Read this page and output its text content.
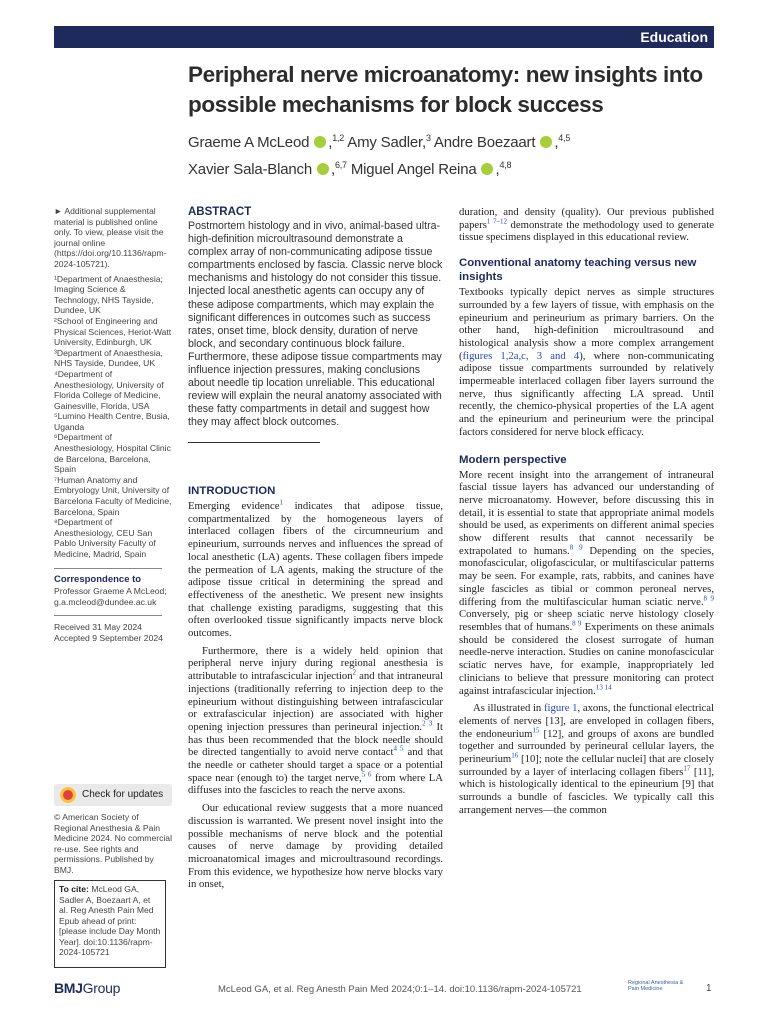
Education
Peripheral nerve microanatomy: new insights into possible mechanisms for block success
Graeme A McLeod ,$^{1,2}$ Amy Sadler,$^3$ Andre Boezaart ,$^{4,5}$
Xavier Sala-Blanch ,$^{6,7}$ Miguel Angel Reina ,$^{4,8}$

► Additional supplemental material is published online only. To view, please visit the journal online (https://doi.org/10.1136/rapm-2024-105721).

¹Department of Anaesthesia; Imaging Science & Technology, NHS Tayside, Dundee, UK

²School of Engineering and Physical Sciences, Heriot-Watt University, Edinburgh, UK

³Department of Anaesthesia, NHS Tayside, Dundee, UK

⁴Department of Anesthesiology, University of Florida College of Medicine, Gainesville, Florida, USA

⁵Lumino Health Centre, Busia, Uganda

⁶Department of Anesthesiology, Hospital Clinic de Barcelona, Barcelona, Spain

⁷Human Anatomy and Embryology Unit, University of Barcelona Faculty of Medicine, Barcelona, Spain

⁸Department of Anesthesiology, CEU San Pablo University Faculty of Medicine, Madrid, Spain

Correspondence to

Professor Graeme A McLeod;

g.a.mcleod@dundee.ac.uk

Received 31 May 2024

Accepted 9 September 2024

Check for updates

© American Society of Regional Anesthesia & Pain Medicine 2024. No commercial re-use. See rights and permissions. Published by BMJ.

To cite: McLeod GA, Sadler A, Boezaart A, et al. Reg Anesth Pain Med Epub ahead of print: [please include Day Month Year]. doi:10.1136/rapm-2024-105721
ABSTRACT

Postmortem histology and in vivo, animal-based ultra-high-definition microultrasound demonstrate a complex array of non-communicating adipose tissue compartments enclosed by fascia. Classic nerve block mechanisms and histology do not consider this tissue. Injected local anesthetic agents can occupy any of these adipose compartments, which may explain the significant differences in outcomes such as success rates, onset time, block density, duration of nerve block, and secondary continuous block failure. Furthermore, these adipose tissue compartments may influence injection pressures, making conclusions about needle tip location unreliable. This educational review will explain the neural anatomy associated with these fatty compartments in detail and suggest how they may affect block outcomes.

INTRODUCTION

Emerging evidence$^1$ indicates that adipose tissue, compartmentalized by the homogeneous layers of interlaced collagen fibers of the circumneurium and epineurium, surrounds nerves and influences the spread of local anesthetic (LA) agents. These collagen fibers impede the permeation of LA agents, making the structure of the adipose tissue critical in determining the spread and effectiveness of the anesthetic. We present new insights that challenge existing paradigms, suggesting that this often overlooked tissue significantly impacts nerve block outcomes.

Furthermore, there is a widely held opinion that peripheral nerve injury during regional anesthesia is attributable to intrafascicular injection$^2$ and that intraneural injections (traditionally referring to injection deep to the epineurium without distinguishing between intrafascicular or extrafascicular injection) are associated with higher opening injection pressures than perineural injection.$^{2 3}$ It has thus been recommended that the block needle should be directed tangentially to avoid nerve contact$^{4 5}$ and that the needle or catheter should target a space or a potential space near (enough to) the target nerve,$^{5 6}$ from where LA diffuses into the fascicles to reach the nerve axons.

Our educational review suggests that a more nuanced discussion is warranted. We present novel insight into the possible mechanisms of nerve block and the potential causes of nerve damage by providing detailed microanatomical images and microultrasound recordings. From this evidence, we hypothesize how nerve blocks vary in onset,

duration, and density (quality). Our previous published papers$^{1 7-12}$ demonstrate the methodology used to generate tissue specimens displayed in this educational review.

Conventional anatomy teaching versus new insights

Textbooks typically depict nerves as simple structures surrounded by a few layers of tissue, with emphasis on the epineurium and perineurium as primary barriers. On the other hand, high-definition microultrasound and histological analysis show a more complex arrangement (figures 1,2a,c, 3 and 4), where non-communicating adipose tissue compartments surrounded by relatively impermeable interlaced collagen fiber layers surround the nerve, thus significantly affecting LA spread. Until recently, the chemico-physical properties of the LA agent and the epineurium and perineurium were the principal factors considered for nerve block efficacy.

Modern perspective

More recent insight into the arrangement of intraneural fascial tissue layers has advanced our understanding of nerve microanatomy. However, before discussing this in detail, it is essential to state that appropriate animal models should be used, as experiments on different animal species show different results that cannot necessarily be extrapolated to humans.$^{8 9}$ Depending on the species, monofascicular, oligofascicular, or multifascicular patterns may be seen. For example, rats, rabbits, and canines have single fascicles as tibial or common peroneal nerves, differing from the multifascicular human sciatic nerve.$^{8 9}$ Conversely, pig or sheep sciatic nerve histology closely resembles that of humans.$^{8 9}$ Experiments on these animals should be considered the closest surrogate of human needle-nerve interaction. Studies on canine monofascicular sciatic nerves have, for example, inappropriately led clinicians to believe that pressure monitoring can protect against intrafascicular injection.$^{13 14}$

As illustrated in figure 1, axons, the functional electrical elements of nerves [13], are enveloped in collagen fibers, the endoneurium$^{15}$ [12], and groups of axons are bundled together and surrounded by perineural cellular layers, the perineurium$^{16}$ [10]; note the cellular nuclei] that are closely surrounded by a layer of interlacing collagen fibers$^{17}$ [11], which is histologically identical to the epineurium [9] that surrounds a bundle of fascicles. We typically call this arrangement nerves—the common

BMJGroup	McLeod GA, et al. Reg Anesth Pain Med 2024;0:1–14. doi:10.1136/rapm-2024-105721
Regional Anesthesia & Pain Medicine	1
